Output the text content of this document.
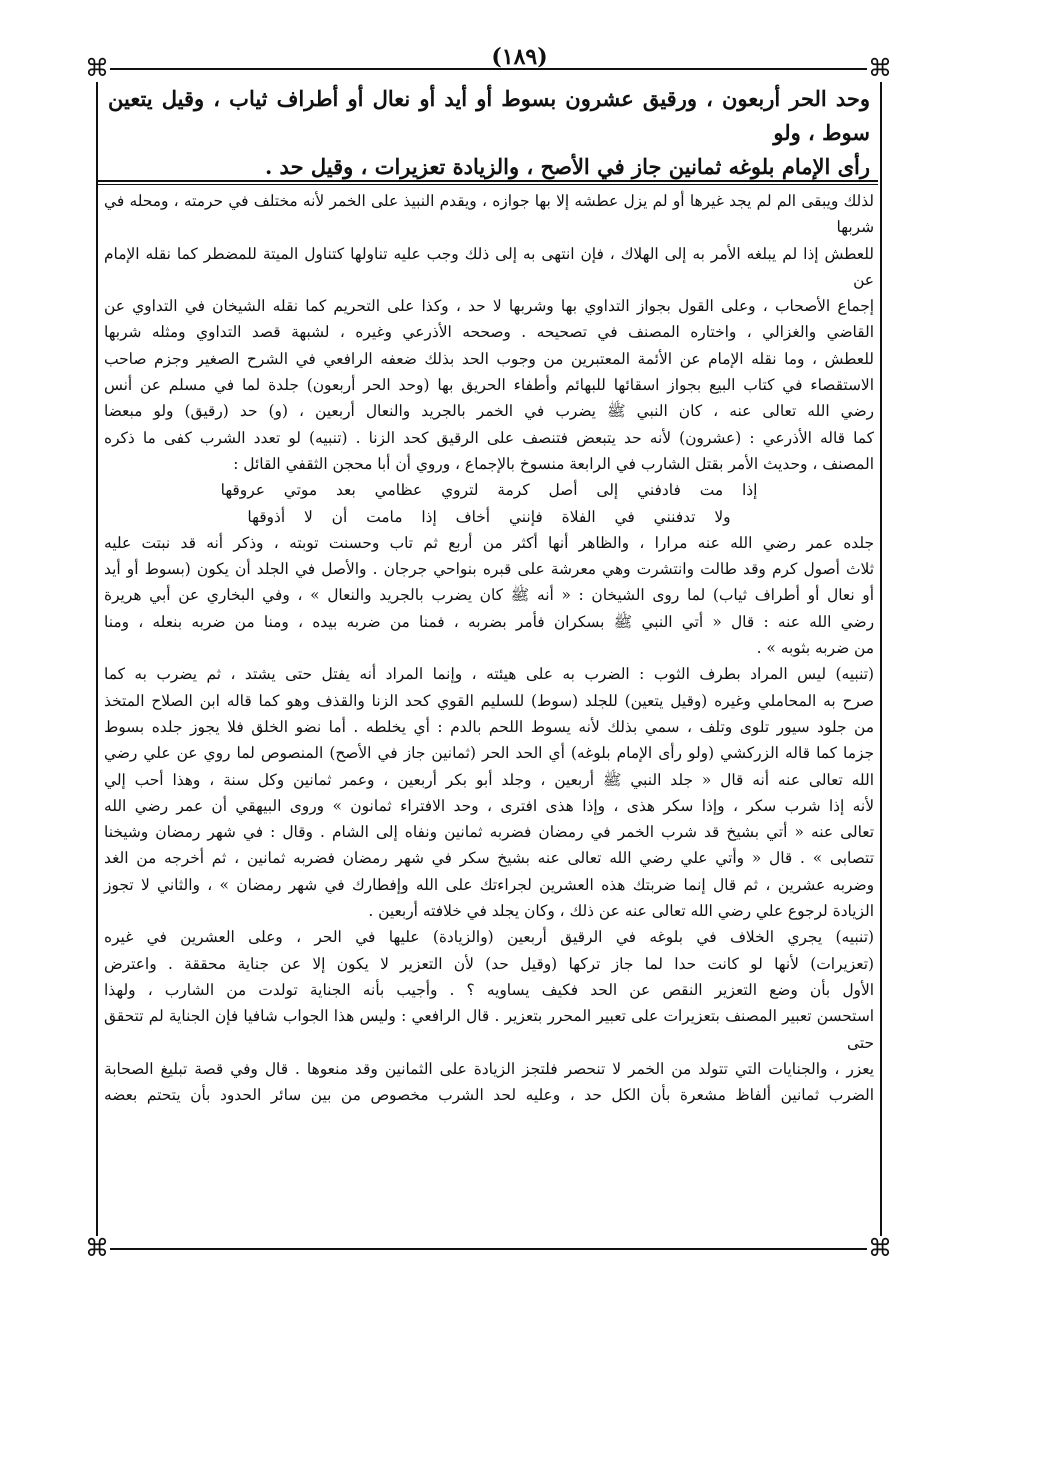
(١٨٩)
⌘	⌘
⌘	⌘

وحد الحر أربعون ، ورقيق عشرون بسوط أو أيد أو نعال أو أطراف ثياب ، وقيل يتعين سوط ، ولو

رأى الإمام بلوغه ثمانين جاز في الأصح ، والزيادة تعزيرات ، وقيل حد .

لذلك ويبقى الم لم يجد غيرها أو لم يزل عطشه إلا بها جوازه ، ويقدم النبيذ على الخمر لأنه مختلف في حرمته ، ومحله في شربها

للعطش إذا لم يبلغه الأمر به إلى الهلاك ، فإن انتهى به إلى ذلك وجب عليه تناولها كتناول الميتة للمضطر كما نقله الإمام عن

إجماع الأصحاب ، وعلى القول بجواز التداوي بها وشربها لا حد ، وكذا على التحريم كما نقله الشيخان في التداوي عن

القاضي والغزالي ، واختاره المصنف في تصحيحه . وصححه الأذرعي وغيره ، لشبهة قصد التداوي ومثله شربها

للعطش ، وما نقله الإمام عن الأئمة المعتبرين من وجوب الحد بذلك ضعفه الرافعي في الشرح الصغير وجزم صاحب

الاستقصاء في كتاب البيع بجواز اسقائها للبهائم وأطفاء الحريق بها (وحد الحر أربعون) جلدة لما في مسلم عن أنس

رضي الله تعالى عنه ، كان النبي ﷺ يضرب في الخمر بالجريد والنعال أربعين ، (و) حد (رقيق) ولو مبعضا

كما قاله الأذرعي : (عشرون) لأنه حد يتبعض فتنصف على الرقيق كحد الزنا . (تنبيه) لو تعدد الشرب كفى ما ذكره

المصنف ، وحديث الأمر بقتل الشارب في الرابعة منسوخ بالإجماع ، وروي أن أبا محجن الثقفي القائل :

إذا مت فادفني إلى أصل كرمة لتروي عظامي بعد موتي عروقها

ولا تدفنني في الفلاة فإنني أخاف إذا مامت أن لا أذوقها

جلده عمر رضي الله عنه مرارا ، والظاهر أنها أكثر من أربع ثم تاب وحسنت توبته ، وذكر أنه قد نبتت عليه

ثلاث أصول كرم وقد طالت وانتشرت وهي معرشة على قبره بنواحي جرجان . والأصل في الجلد أن يكون (بسوط أو أيد

أو نعال أو أطراف ثياب) لما روى الشيخان : « أنه ﷺ كان يضرب بالجريد والنعال » ، وفي البخاري عن أبي هريرة

رضي الله عنه : قال « أتي النبي ﷺ بسكران فأمر بضربه ، فمنا من ضربه بيده ، ومنا من ضربه بنعله ، ومنا

من ضربه بثوبه » .

(تنبيه) ليس المراد بطرف الثوب : الضرب به على هيئته ، وإنما المراد أنه يفتل حتى يشتد ، ثم يضرب به كما

صرح به المحاملي وغيره (وقيل يتعين) للجلد (سوط) للسليم القوي كحد الزنا والقذف وهو كما قاله ابن الصلاح المتخذ

من جلود سيور تلوى وتلف ، سمي بذلك لأنه يسوط اللحم بالدم : أي يخلطه . أما نضو الخلق فلا يجوز جلده بسوط

جزما كما قاله الزركشي (ولو رأى الإمام بلوغه) أي الحد الحر (ثمانين جاز في الأصح) المنصوص لما روي عن علي رضي

الله تعالى عنه أنه قال « جلد النبي ﷺ أربعين ، وجلد أبو بكر أربعين ، وعمر ثمانين وكل سنة ، وهذا أحب إلي

لأنه إذا شرب سكر ، وإذا سكر هذى ، وإذا هذى افترى ، وحد الافتراء ثمانون » وروى البيهقي أن عمر رضي الله

تعالى عنه « أتي بشيخ قد شرب الخمر في رمضان فضربه ثمانين ونفاه إلى الشام . وقال : في شهر رمضان وشيخنا

تتصابى » . قال « وأتي علي رضي الله تعالى عنه بشيخ سكر في شهر رمضان فضربه ثمانين ، ثم أخرجه من الغد

وضربه عشرين ، ثم قال إنما ضربتك هذه العشرين لجراءتك على الله وإفطارك في شهر رمضان » ، والثاني لا تجوز

الزيادة لرجوع علي رضي الله تعالى عنه عن ذلك ، وكان يجلد في خلافته أربعين .

(تنبيه) يجري الخلاف في بلوغه في الرقيق أربعين (والزيادة) عليها في الحر ، وعلى العشرين في غيره

(تعزيرات) لأنها لو كانت حدا لما جاز تركها (وقيل حد) لأن التعزير لا يكون إلا عن جناية محققة . واعترض

الأول بأن وضع التعزير النقص عن الحد فكيف يساويه ؟ . وأجيب بأنه الجناية تولدت من الشارب ، ولهذا

استحسن تعبير المصنف بتعزيرات على تعبير المحرر بتعزير . قال الرافعي : وليس هذا الجواب شافيا فإن الجناية لم تتحقق حتى

يعزر ، والجنايات التي تتولد من الخمر لا تنحصر فلتجز الزيادة على الثمانين وقد منعوها . قال وفي قصة تبليغ الصحابة

الضرب ثمانين ألفاظ مشعرة بأن الكل حد ، وعليه لحد الشرب مخصوص من بين سائر الحدود بأن يتحتم بعضه
